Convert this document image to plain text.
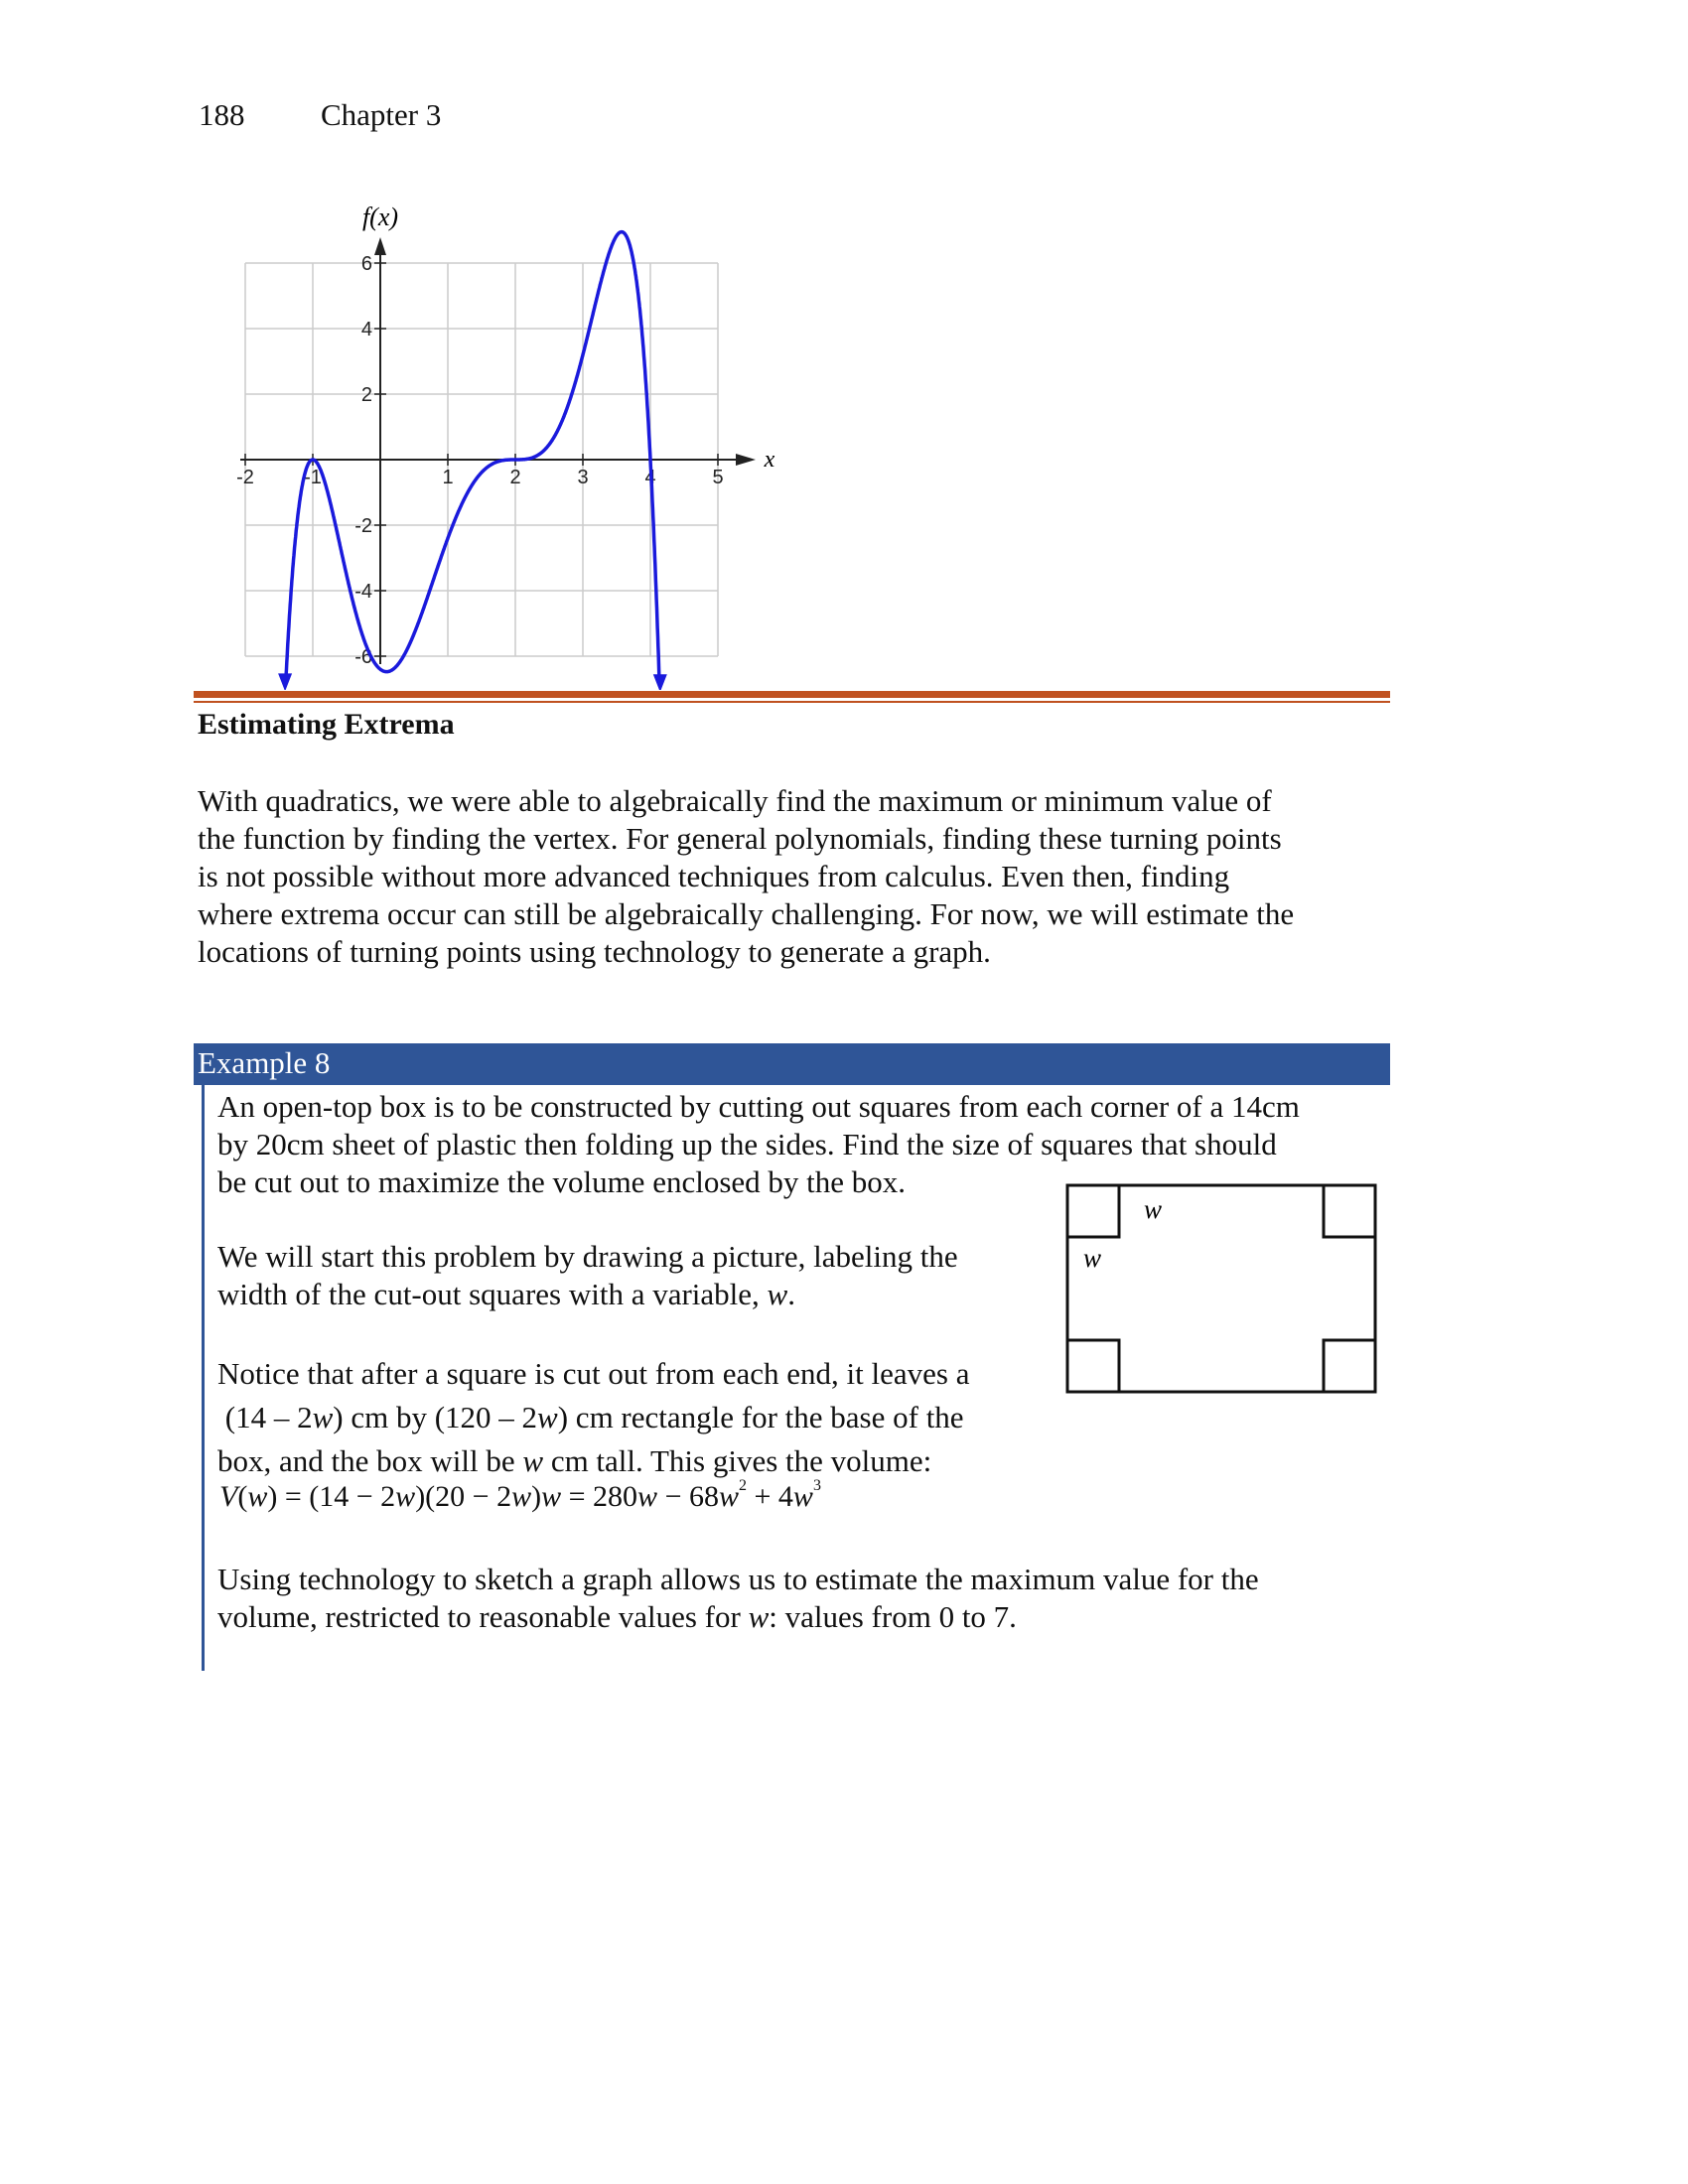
188 Chapter 3
-2	-1	1	2	3	4	5
6
4
2
-2
-4
-6
f(x)
x
Estimating Extrema
With quadratics, we were able to algebraically find the maximum or minimum value of
the function by finding the vertex. For general polynomials, finding these turning points
is not possible without more advanced techniques from calculus. Even then, finding
where extrema occur can still be algebraically challenging. For now, we will estimate the
locations of turning points using technology to generate a graph.
Example 8
An open-top box is to be constructed by cutting out squares from each corner of a 14cm
by 20cm sheet of plastic then folding up the sides. Find the size of squares that should
be cut out to maximize the volume enclosed by the box.
We will start this problem by drawing a picture, labeling the
width of the cut-out squares with a variable, w.
Notice that after a square is cut out from each end, it leaves a
(14 – 2w) cm by (120 – 2w) cm rectangle for the base of the
box, and the box will be w cm tall. This gives the volume:
$V(w) = (14 - 2w)(20 - 2w)w = 280w - 68w^2 + 4w^3$
Using technology to sketch a graph allows us to estimate the maximum value for the
volume, restricted to reasonable values for w: values from 0 to 7.
w
w
